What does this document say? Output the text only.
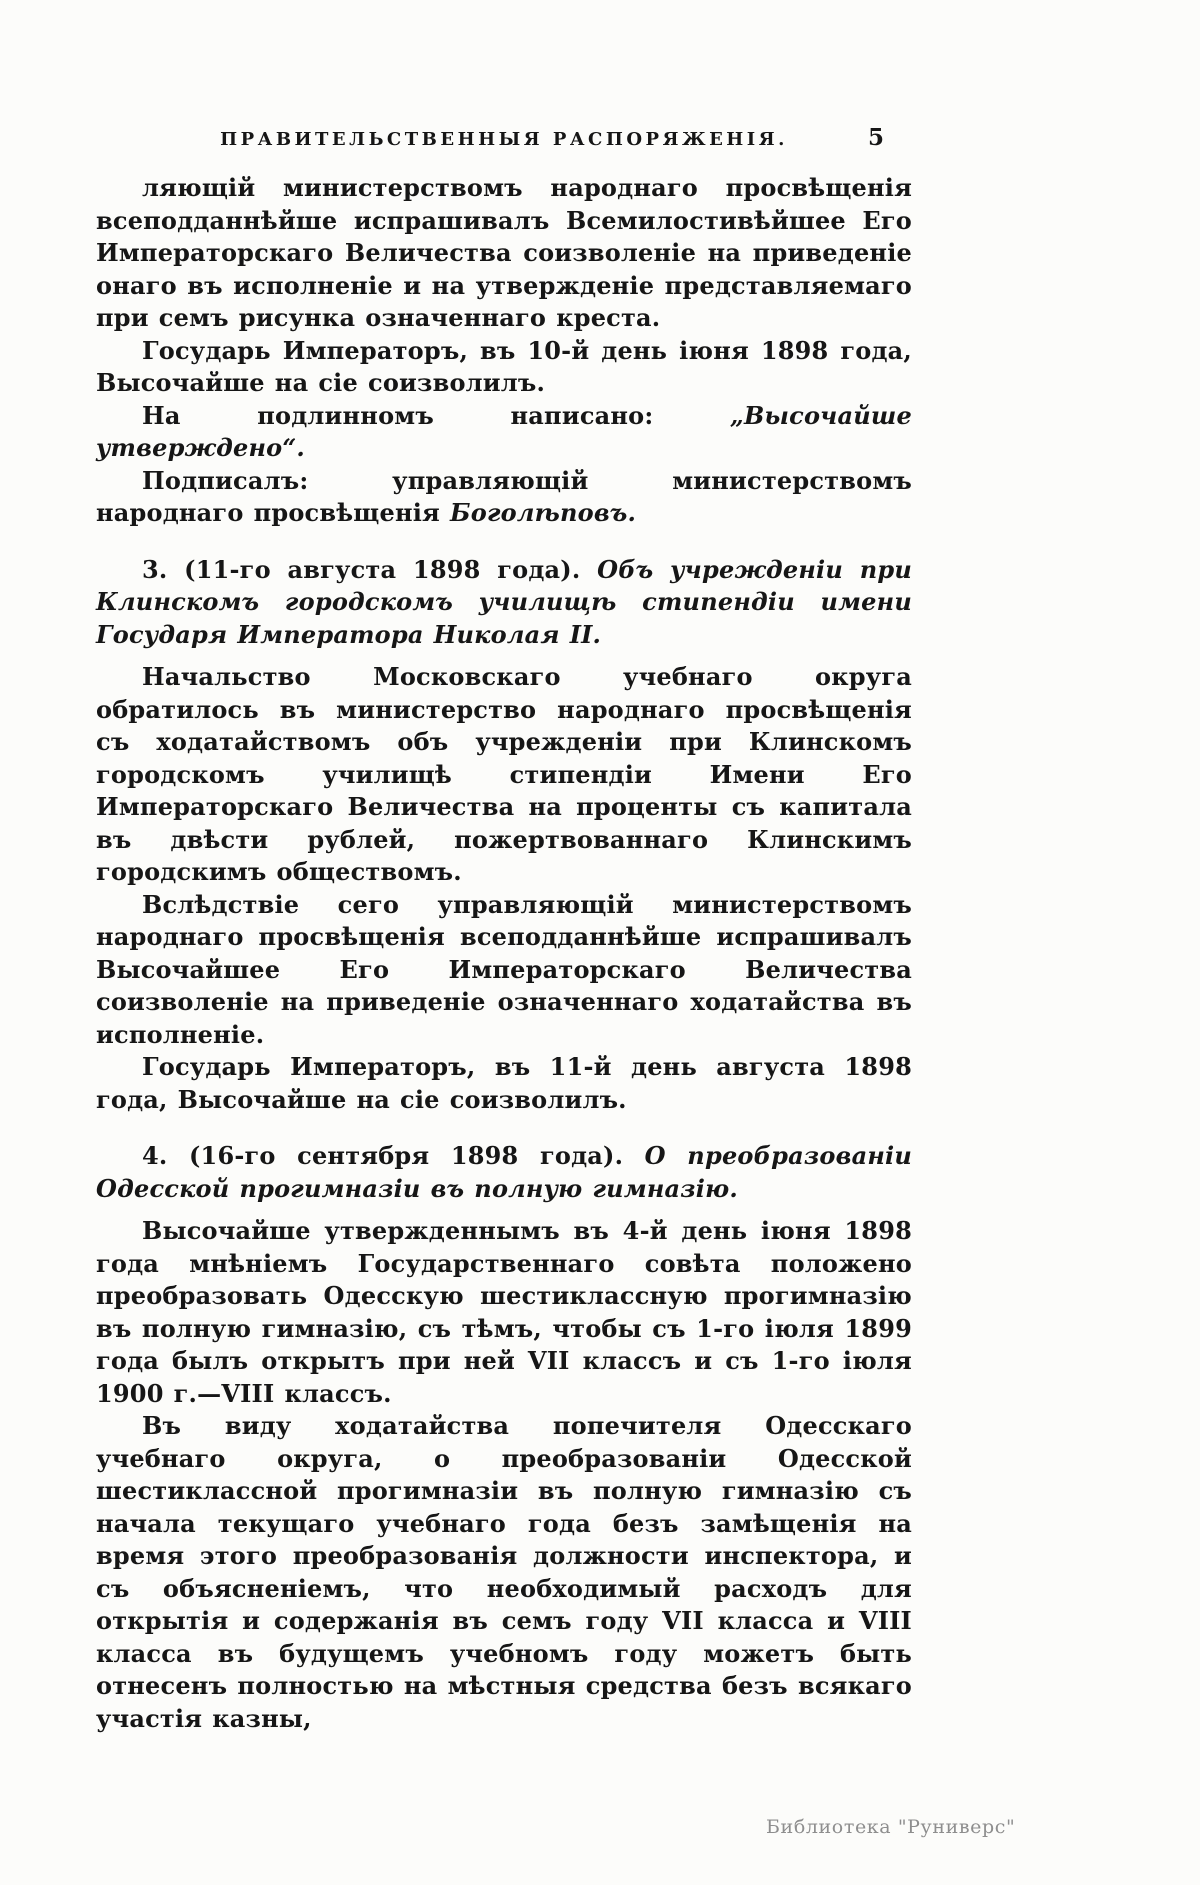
ПРАВИТЕЛЬСТВЕННЫЯ РАСПОРЯЖЕНІЯ.	5

ляющій министерствомъ народнаго просвѣщенія всеподданнѣйше испрашивалъ Всемилостивѣйшее Его Императорскаго Величества соизволеніе на приведеніе онаго въ исполненіе и на утвержденіе представляемаго при семъ рисунка означеннаго креста.

Государь Императоръ, въ 10-й день іюня 1898 года, Высочайше на сіе соизволилъ.

На подлинномъ написано: „Высочайше утверждено“.

Подписалъ: управляющій министерствомъ народнаго просвѣщенія Боголѣповъ.

3. (11-го августа 1898 года). Объ учрежденіи при Клинскомъ городскомъ училищѣ стипендіи имени Государя Императора Николая II.

Начальство Московскаго учебнаго округа обратилось въ министерство народнаго просвѣщенія съ ходатайствомъ объ учрежденіи при Клинскомъ городскомъ училищѣ стипендіи Имени Его Императорскаго Величества на проценты съ капитала въ двѣсти рублей, пожертвованнаго Клинскимъ городскимъ обществомъ.

Вслѣдствіе сего управляющій министерствомъ народнаго просвѣщенія всеподданнѣйше испрашивалъ Высочайшее Его Императорскаго Величества соизволеніе на приведеніе означеннаго ходатайства въ исполненіе.

Государь Императоръ, въ 11-й день августа 1898 года, Высочайше на сіе соизволилъ.

4. (16-го сентября 1898 года). О преобразованіи Одесской прогимназіи въ полную гимназію.

Высочайше утвержденнымъ въ 4-й день іюня 1898 года мнѣніемъ Государственнаго совѣта положено преобразовать Одесскую шестиклассную прогимназію въ полную гимназію, съ тѣмъ, чтобы съ 1-го іюля 1899 года былъ открытъ при ней VII классъ и съ 1-го іюля 1900 г.—VIII классъ.

Въ виду ходатайства попечителя Одесскаго учебнаго округа, о преобразованіи Одесской шестиклассной прогимназіи въ полную гимназію съ начала текущаго учебнаго года безъ замѣщенія на время этого преобразованія должности инспектора, и съ объясненіемъ, что необходимый расходъ для открытія и содержанія въ семъ году VII класса и VIII класса въ будущемъ учебномъ году можетъ быть отнесенъ полностью на мѣстныя средства безъ всякаго участія казны,

Библиотека "Руниверс"
